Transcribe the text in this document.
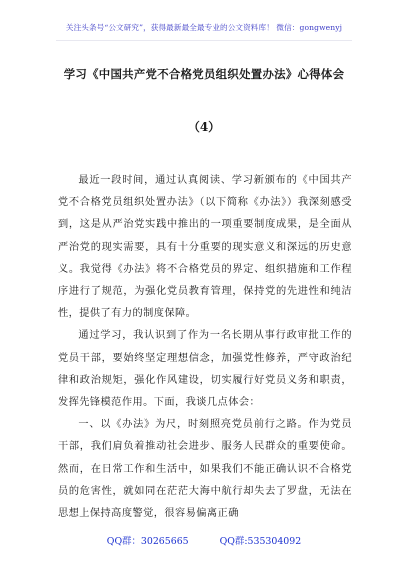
关注头条号“公文研究”，获得最新最全最专业的公文资料库！ 微信：gongwenyj
学习《中国共产党不合格党员组织处置办法》心得体会
（4）

最近一段时间，通过认真阅读、学习新颁布的《中国共产党不合格党员组织处置办法》（以下简称《办法》）我深刻感受到，这是从严治党实践中推出的一项重要制度成果，是全面从严治党的现实需要，具有十分重要的现实意义和深远的历史意义。我觉得《办法》将不合格党员的界定、组织措施和工作程序进行了规范，为强化党员教育管理，保持党的先进性和纯洁性，提供了有力的制度保障。

通过学习，我认识到了作为一名长期从事行政审批工作的党员干部，要始终坚定理想信念，加强党性修养，严守政治纪律和政治规矩，强化作风建设，切实履行好党员义务和职责，发挥先锋模范作用。下面，我谈几点体会：

一、以《办法》为尺，时刻照亮党员前行之路。作为党员干部，我们肩负着推动社会进步、服务人民群众的重要使命。然而，在日常工作和生活中，如果我们不能正确认识不合格党员的危害性，就如同在茫茫大海中航行却失去了罗盘，无法在思想上保持高度警觉，很容易偏离正确

QQ群：30265665	QQ群:535304092
